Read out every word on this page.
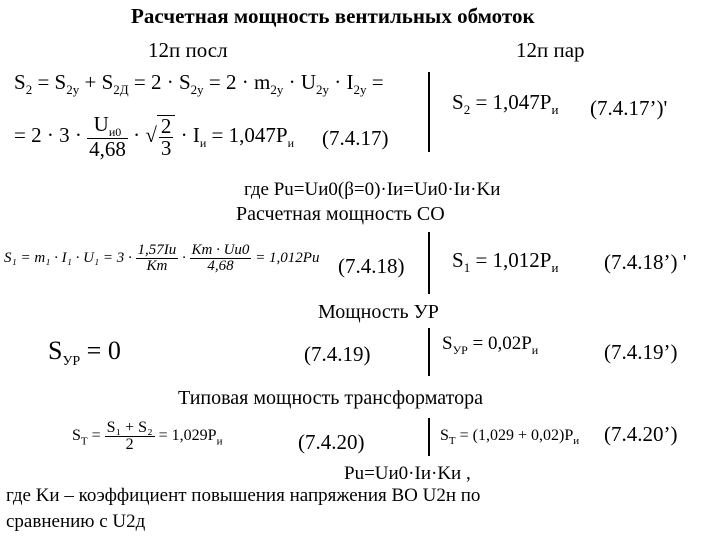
Расчетная мощность вентильных обмоток
12п посл	12п пар
$S_2 = S_{2у} + S_{2Д} = 2 \cdot S_{2у} = 2 \cdot m_{2у} \cdot U_{2у} \cdot I_{2у}$ =
= $2 \cdot 3 \cdot \frac{U_{и0}}{4,68}$ · √ $\frac{2}{3} \cdot I_и = 1,047P_и$ (7.4.17)
$S_2 = 1,047P_и$ (7.4.17’)'
где Рu=Uи0(β=0)·Iи=Uи0·Iи·Kи
Расчетная мощность СО
$S_1 = m_1 \cdot I_1 \cdot U_1 = 3 \cdot \frac{1,57Iи}{Kт} \cdot \frac{Kт \cdot Uи0}{4,68} = 1,012Pи$ (7.4.18) $S_1 = 1,012P_и$ (7.4.18’) '
Мощность УР
$S_{УР} = 0$	(7.4.19)	$S_{УР} = 0,02P_и$	(7.4.19’)
Типовая мощность трансформатора
$S_Т = \frac{\text{S₁ + S₂}}{2} = 1,029P_и$	(7.4.20)	$S_Т = (1,029 + 0,02)P_и$ (7.4.20’)
Рu=Uи0·Iи·Kи ,
где Kи – коэффициент повышения напряжения ВО U2н по
сравнению с U2д
